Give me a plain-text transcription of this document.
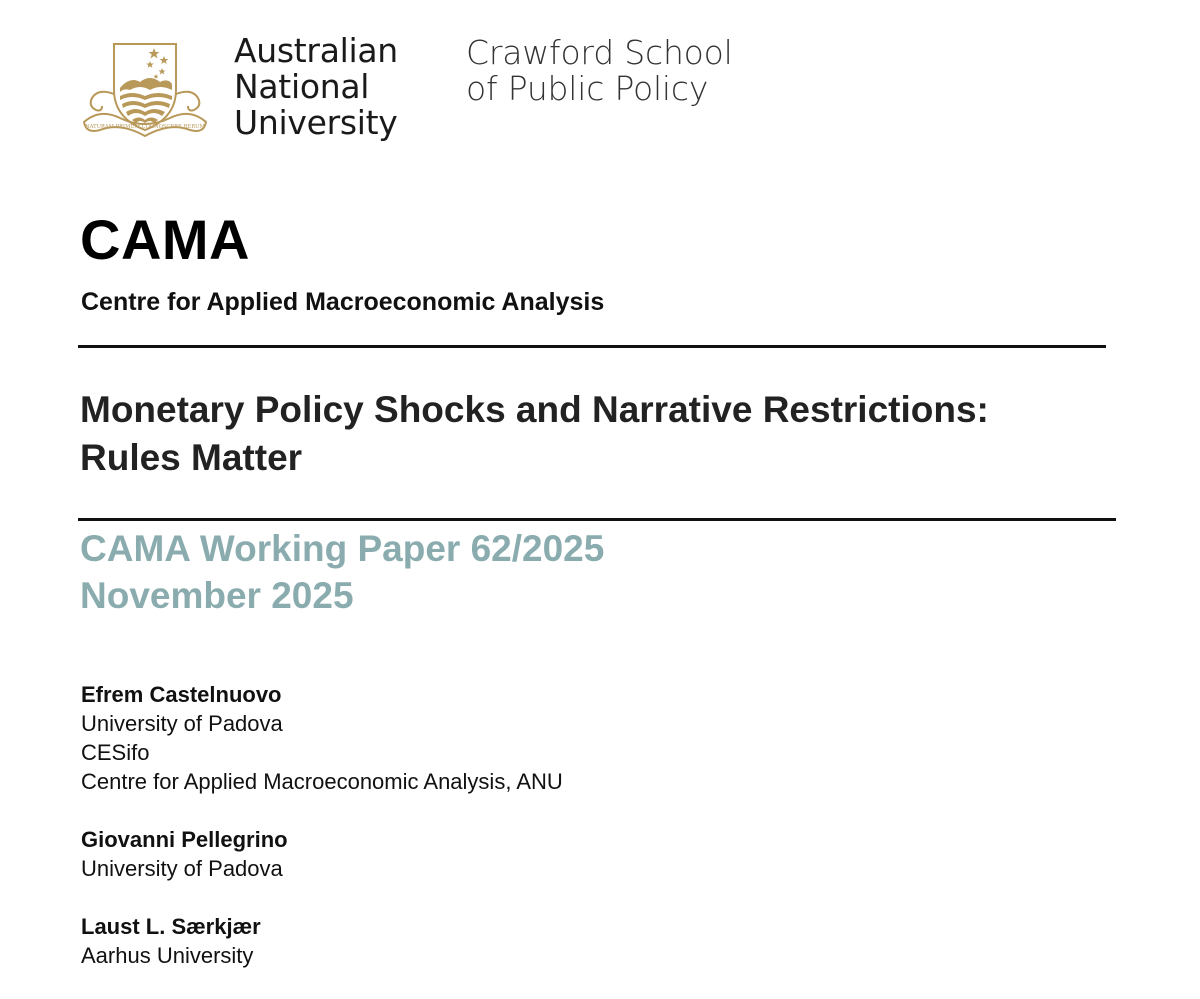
NATURAM PRIMUM COGNOSCERE RERUM
Australian
National
University
Crawford School
of Public Policy
CAMA
Centre for Applied Macroeconomic Analysis
Monetary Policy Shocks and Narrative Restrictions:
Rules Matter
CAMA Working Paper 62/2025
November 2025
Efrem Castelnuovo
University of Padova
CESifo
Centre for Applied Macroeconomic Analysis, ANU
Giovanni Pellegrino
University of Padova
Laust L. Særkjær
Aarhus University
